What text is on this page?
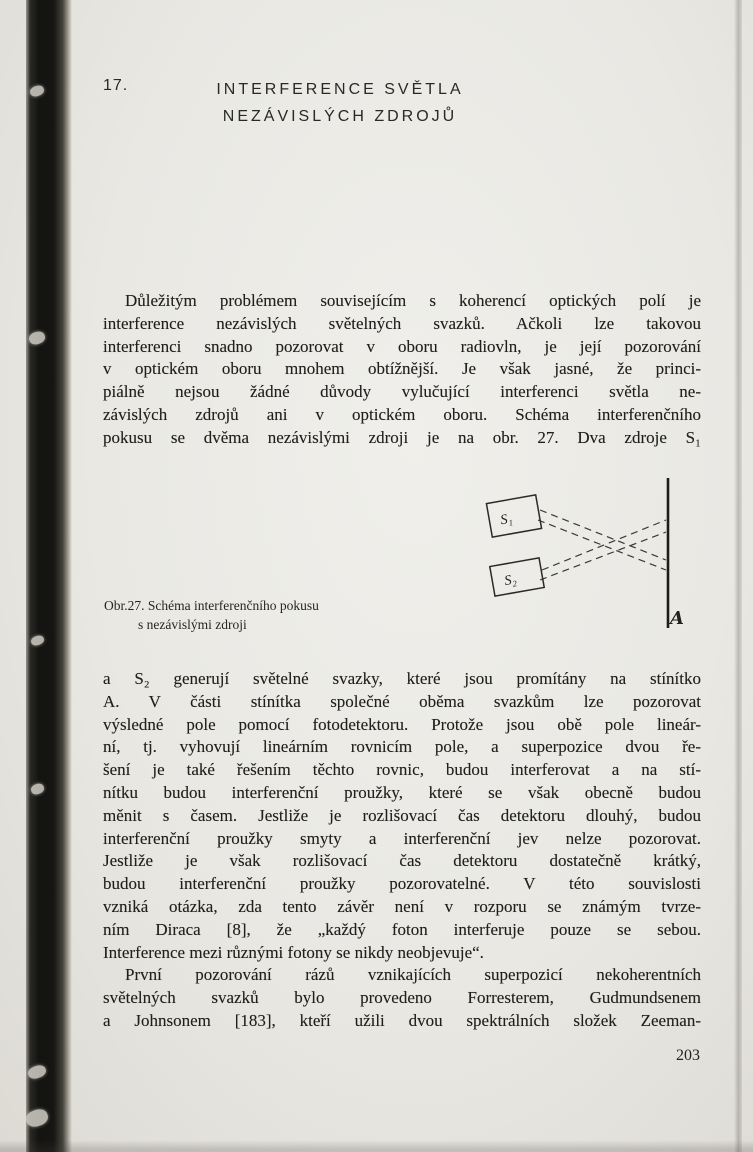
17.	INTERFERENCE SVĚTLA
NEZÁVISLÝCH ZDROJŮ
Důležitým problémem souvisejícím s koherencí optických polí je
interference nezávislých světelných svazků. Ačkoli lze takovou
interferenci snadno pozorovat v oboru radiovln, je její pozorování
v optickém oboru mnohem obtížnější. Je však jasné, že princi-
piálně nejsou žádné důvody vylučující interferenci světla ne-
závislých zdrojů ani v optickém oboru. Schéma interferenčního
pokusu se dvěma nezávislými zdroji je na obr. 27. Dva zdroje S₁
S₁
S₂
A
Obr.27. Schéma interferenčního pokusu
s nezávislými zdroji
a S₂ generují světelné svazky, které jsou promítány na stínítko
A. V části stínítka společné oběma svazkům lze pozorovat
výsledné pole pomocí fotodetektoru. Protože jsou obě pole lineár-
ní, tj. vyhovují lineárním rovnicím pole, a superpozice dvou ře-
šení je také řešením těchto rovnic, budou interferovat a na stí-
nítku budou interferenční proužky, které se však obecně budou
měnit s časem. Jestliže je rozlišovací čas detektoru dlouhý, budou
interferenční proužky smyty a interferenční jev nelze pozorovat.
Jestliže je však rozlišovací čas detektoru dostatečně krátký,
budou interferenční proužky pozorovatelné. V této souvislosti
vzniká otázka, zda tento závěr není v rozporu se známým tvrze-
ním Diraca [8], že „každý foton interferuje pouze se sebou.
Interference mezi různými fotony se nikdy neobjevuje“.
První pozorování rázů vznikajících superpozicí nekoherentních
světelných svazků bylo provedeno Forresterem, Gudmundsenem
a Johnsonem [183], kteří užili dvou spektrálních složek Zeeman-
203
